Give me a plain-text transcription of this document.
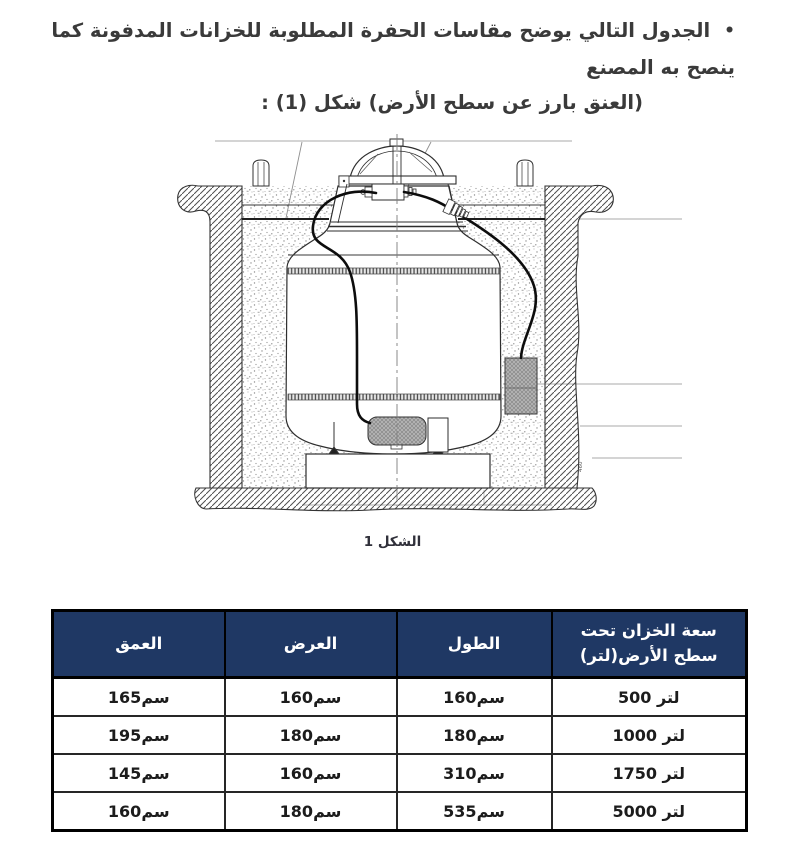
•الجدول التالي يوضح مقاسات الحفرة المطلوبة للخزانات المدفونة كما ينصح به المصنع
(العنق بارز عن سطح الأرض) شكل (1) :
460
الشكل 1
سعة الخزان تحت سطح الأرض(لتر)	الطول	العرض	العمق
500 لتر	160سم	160سم	165سم
1000 لتر	180سم	180سم	195سم
1750 لتر	310سم	160سم	145سم
5000 لتر	535سم	180سم	160سم
